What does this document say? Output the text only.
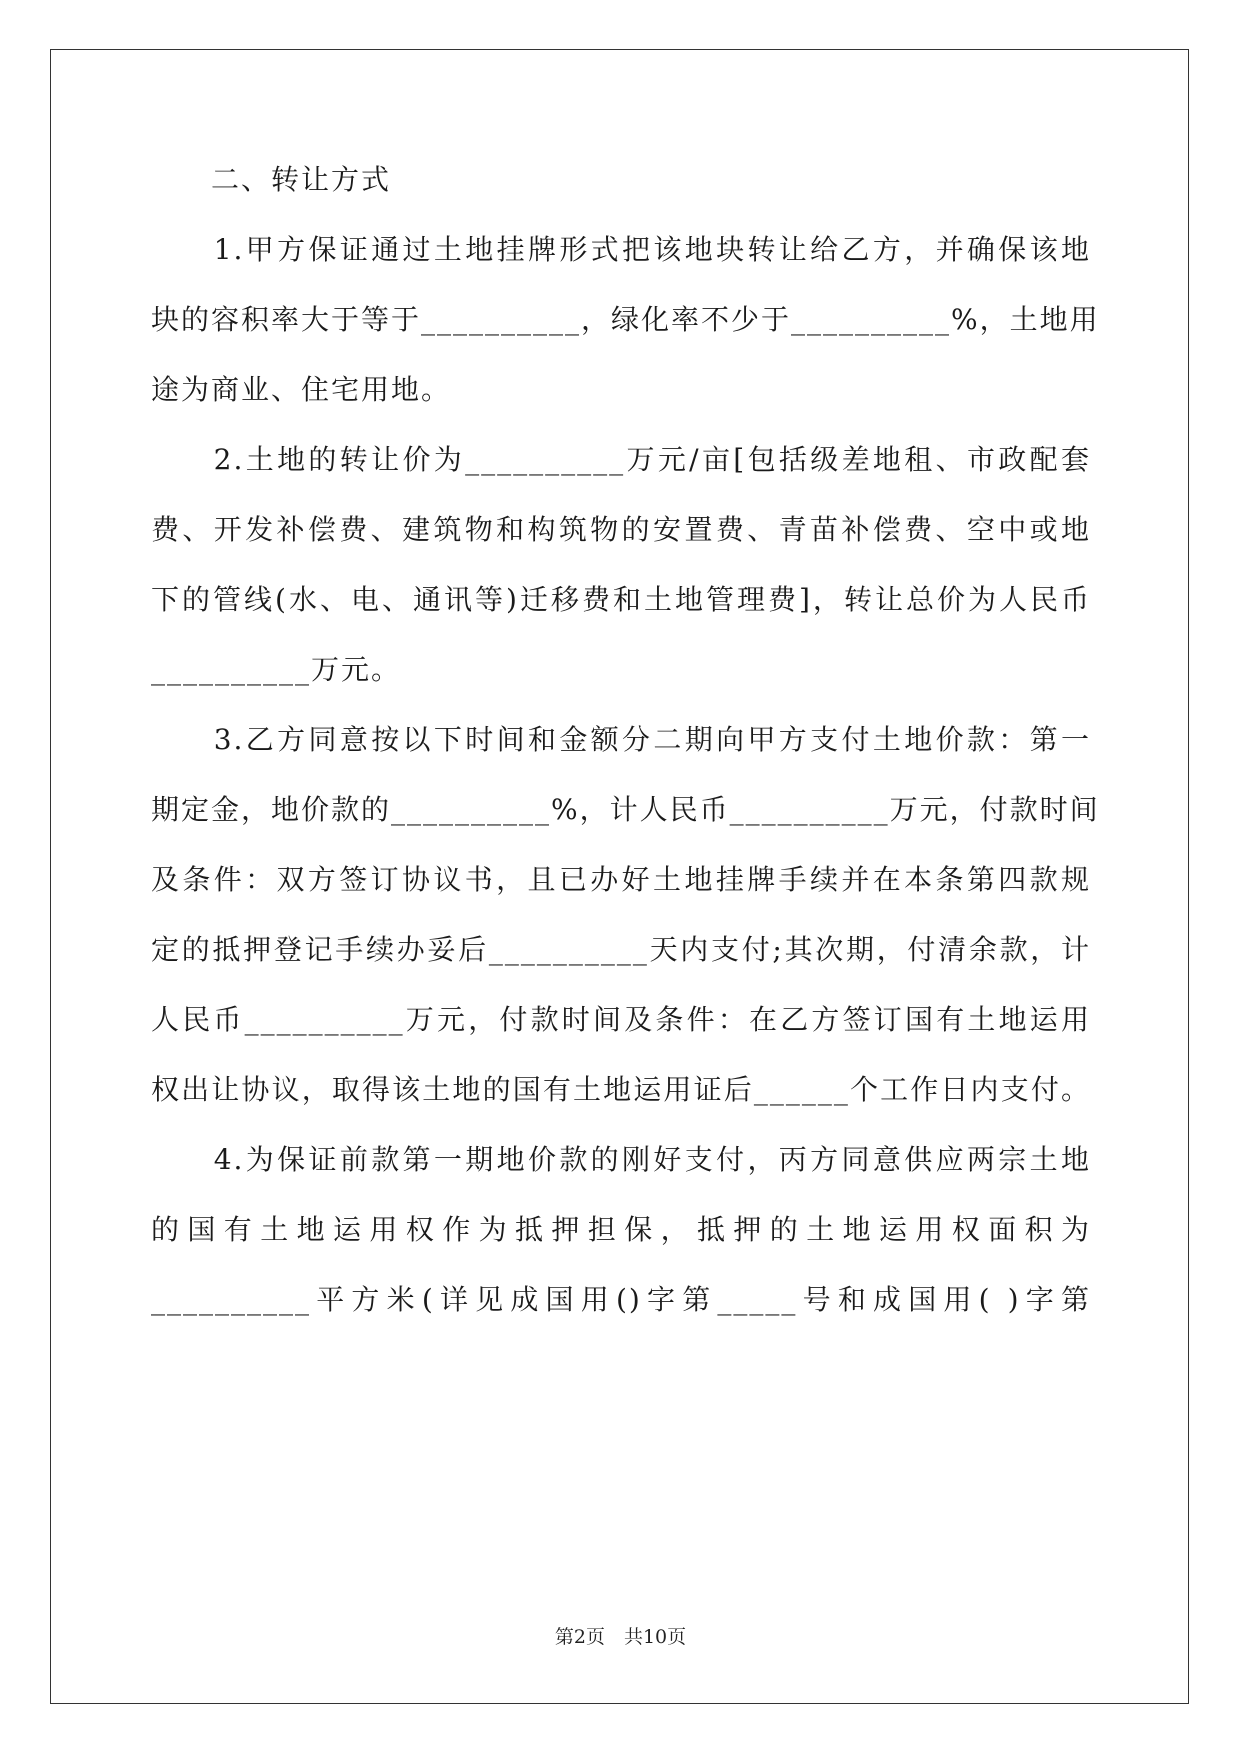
　　二、转让方式
　　1.甲方保证通过土地挂牌形式把该地块转让给乙方，并确保该地
块的容积率大于等于__________，绿化率不少于__________%，土地用
途为商业、住宅用地。
　　2.土地的转让价为__________万元/亩[包括级差地租、市政配套
费、开发补偿费、建筑物和构筑物的安置费、青苗补偿费、空中或地
下的管线(水、电、通讯等)迁移费和土地管理费]，转让总价为人民币
__________万元。
　　3.乙方同意按以下时间和金额分二期向甲方支付土地价款：第一
期定金，地价款的__________%，计人民币__________万元，付款时间
及条件：双方签订协议书，且已办好土地挂牌手续并在本条第四款规
定的抵押登记手续办妥后__________天内支付;其次期，付清余款，计
人民币__________万元，付款时间及条件：在乙方签订国有土地运用
权出让协议，取得该土地的国有土地运用证后______个工作日内支付。
　　4.为保证前款第一期地价款的刚好支付，丙方同意供应两宗土地
的国有土地运用权作为抵押担保，抵押的土地运用权面积为
__________平方米(详见成国用()字第_____号和成国用( )字第
第2页　共10页
